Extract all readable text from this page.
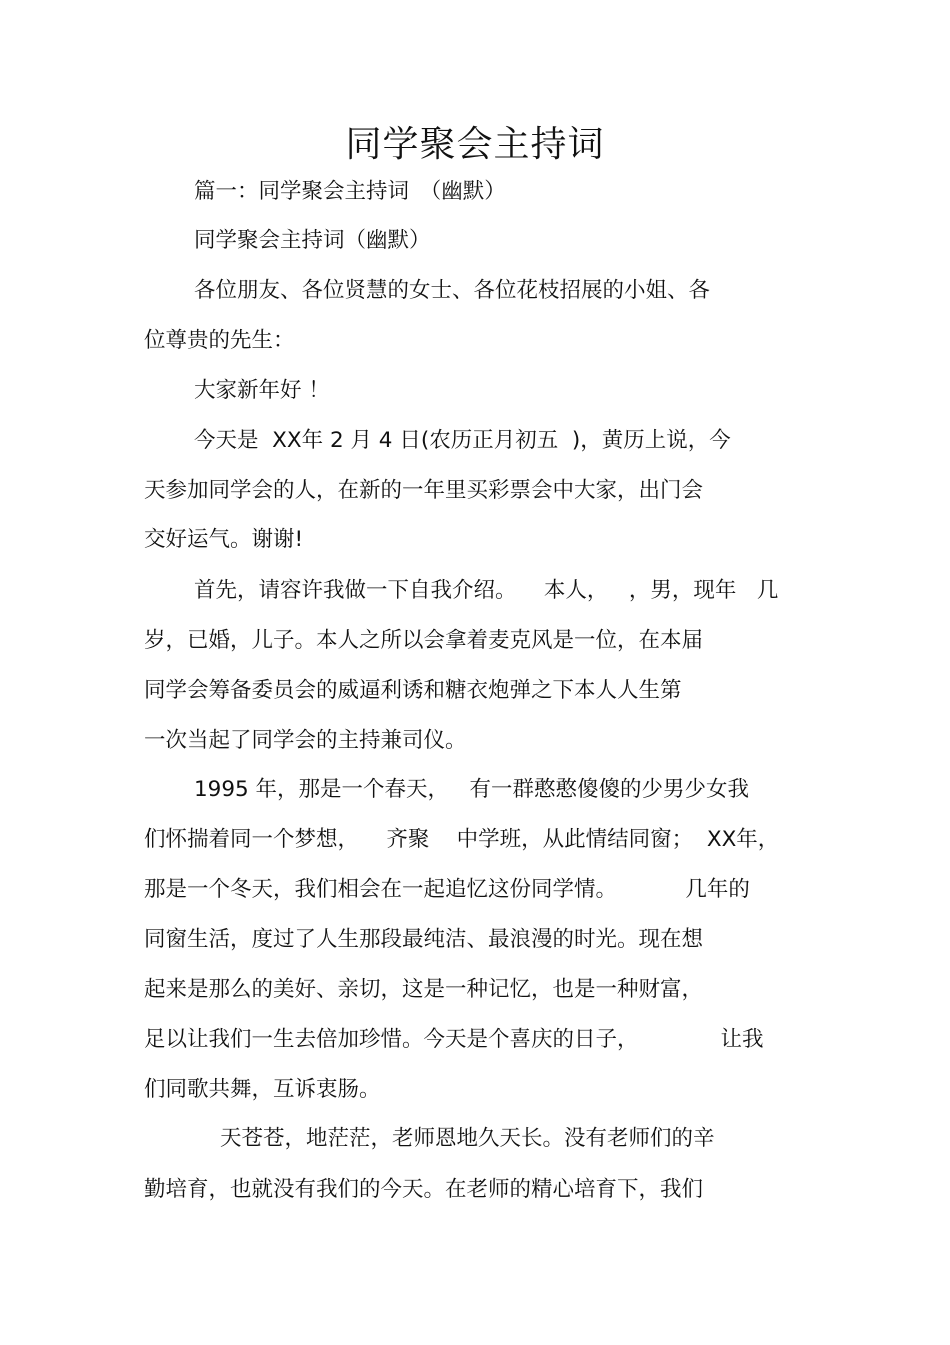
同学聚会主持词
篇一：同学聚会主持词　（幽默）
同学聚会主持词（幽默）
各位朋友、各位贤慧的女士、各位花枝招展的小姐、各
位尊贵的先生：
大家新年好 ！
今天是  XX年 2 月 4 日(农历正月初五  )，黄历上说，今
天参加同学会的人，在新的一年里买彩票会中大家，出门会
交好运气。谢谢!
首先，请容许我做一下自我介绍。    本人，   ，男，现年   几
岁，已婚，儿子。本人之所以会拿着麦克风是一位，在本届
同学会筹备委员会的威逼利诱和糖衣炮弹之下本人人生第
一次当起了同学会的主持兼司仪。
1995 年，那是一个春天，   有一群憨憨傻傻的少男少女我
们怀揣着同一个梦想，    齐聚    中学班，从此情结同窗；  XX年，
那是一个冬天，我们相会在一起追忆这份同学情。          几年的
同窗生活，度过了人生那段最纯洁、最浪漫的时光。现在想
起来是那么的美好、亲切，这是一种记忆，也是一种财富，
足以让我们一生去倍加珍惜。今天是个喜庆的日子，            让我
们同歌共舞，互诉衷肠。
天苍苍，地茫茫，老师恩地久天长。没有老师们的辛
勤培育，也就没有我们的今天。在老师的精心培育下，我们
